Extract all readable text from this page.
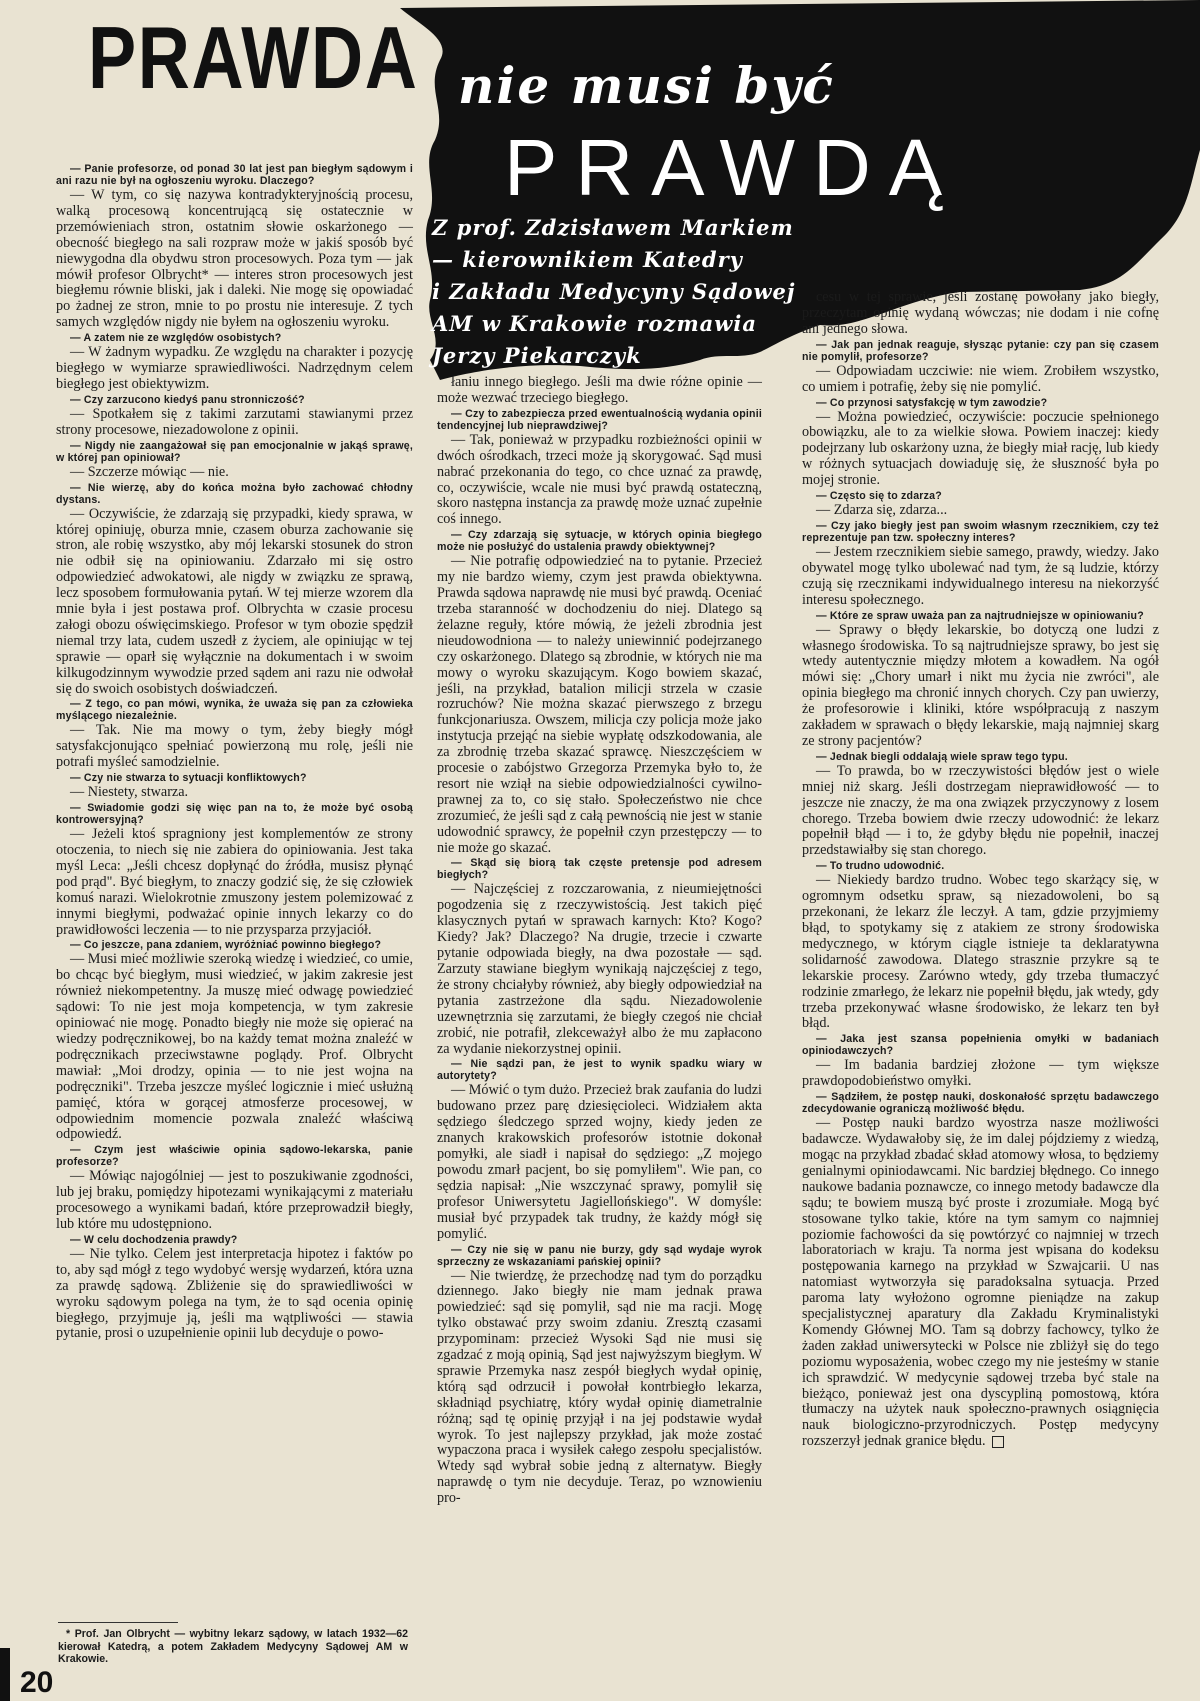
PRAWDA nie musi być
PRAWDĄ
Z prof. Zdzisławem Markiem
— kierownikiem Katedry
i Zakładu Medycyny Sądowej
AM w Krakowie rozmawia
Jerzy Piekarczyk

— Panie profesorze, od ponad 30 lat jest pan biegłym sądowym i ani razu nie był na ogłoszeniu wyroku. Dlaczego?

— W tym, co się nazywa kontradykteryjnością procesu, walką procesową koncentrującą się ostatecznie w przemówieniach stron, ostatnim słowie oskarżonego — obecność biegłego na sali rozpraw może w jakiś sposób być niewygodna dla obydwu stron procesowych. Poza tym — jak mówił profesor Olbrycht* — interes stron procesowych jest biegłemu równie bliski, jak i daleki. Nie mogę się opowiadać po żadnej ze stron, mnie to po prostu nie interesuje. Z tych samych względów nigdy nie byłem na ogłoszeniu wyroku.

— A zatem nie ze względów osobistych?

— W żadnym wypadku. Ze względu na charakter i pozycję biegłego w wymiarze sprawiedliwości. Nadrzędnym celem biegłego jest obiektywizm.

— Czy zarzucono kiedyś panu stronniczość?

— Spotkałem się z takimi zarzutami stawianymi przez strony procesowe, niezadowolone z opinii.

— Nigdy nie zaangażował się pan emocjonalnie w jakąś sprawę, w której pan opiniował?

— Szczerze mówiąc — nie.

— Nie wierzę, aby do końca można było zachować chłodny dystans.

— Oczywiście, że zdarzają się przypadki, kiedy sprawa, w której opiniuję, oburza mnie, czasem oburza zachowanie się stron, ale robię wszystko, aby mój lekarski stosunek do stron nie odbił się na opiniowaniu. Zdarzało mi się ostro odpowiedzieć adwokatowi, ale nigdy w związku ze sprawą, lecz sposobem formułowania pytań. W tej mierze wzorem dla mnie była i jest postawa prof. Olbrychta w czasie procesu załogi obozu oświęcimskiego. Profesor w tym obozie spędził niemal trzy lata, cudem uszedł z życiem, ale opiniując w tej sprawie — oparł się wyłącznie na dokumentach i w swoim kilkugodzinnym wywodzie przed sądem ani razu nie odwołał się do swoich osobistych doświadczeń.

— Z tego, co pan mówi, wynika, że uważa się pan za człowieka myślącego niezależnie.

— Tak. Nie ma mowy o tym, żeby biegły mógł satysfakcjonująco spełniać powierzoną mu rolę, jeśli nie potrafi myśleć samodzielnie.

— Czy nie stwarza to sytuacji konfliktowych?

— Niestety, stwarza.

— Swiadomie godzi się więc pan na to, że może być osobą kontrowersyjną?

— Jeżeli ktoś spragniony jest komplementów ze strony otoczenia, to niech się nie zabiera do opiniowania. Jest taka myśl Leca: „Jeśli chcesz dopłynąć do źródła, musisz płynąć pod prąd". Być biegłym, to znaczy godzić się, że się człowiek komuś narazi. Wielokrotnie zmuszony jestem polemizować z innymi biegłymi, podważać opinie innych lekarzy co do prawidłowości leczenia — to nie przysparza przyjaciół.

— Co jeszcze, pana zdaniem, wyróżniać powinno biegłego?

— Musi mieć możliwie szeroką wiedzę i wiedzieć, co umie, bo chcąc być biegłym, musi wiedzieć, w jakim zakresie jest również niekompetentny. Ja muszę mieć odwagę powiedzieć sądowi: To nie jest moja kompetencja, w tym zakresie opiniować nie mogę. Ponadto biegły nie może się opierać na wiedzy podręcznikowej, bo na każdy temat można znaleźć w podręcznikach przeciwstawne poglądy. Prof. Olbrycht mawiał: „Moi drodzy, opinia — to nie jest wojna na podręczniki". Trzeba jeszcze myśleć logicznie i mieć usłużną pamięć, która w gorącej atmosferze procesowej, w odpowiednim momencie pozwala znaleźć właściwą odpowiedź.

— Czym jest właściwie opinia sądowo-lekarska, panie profesorze?

— Mówiąc najogólniej — jest to poszukiwanie zgodności, lub jej braku, pomiędzy hipotezami wynikającymi z materiału procesowego a wynikami badań, które przeprowadził biegły, lub które mu udostępniono.

— W celu dochodzenia prawdy?

— Nie tylko. Celem jest interpretacja hipotez i faktów po to, aby sąd mógł z tego wydobyć wersję wydarzeń, która uzna za prawdę sądową. Zbliżenie się do sprawiedliwości w wyroku sądowym polega na tym, że to sąd ocenia opinię biegłego, przyjmuje ją, jeśli ma wątpliwości — stawia pytanie, prosi o uzupełnienie opinii lub decyduje o powo-

łaniu innego biegłego. Jeśli ma dwie różne opinie — może wezwać trzeciego biegłego.

— Czy to zabezpiecza przed ewentualnością wydania opinii tendencyjnej lub nieprawdziwej?

— Tak, ponieważ w przypadku rozbieżności opinii w dwóch ośrodkach, trzeci może ją skorygować. Sąd musi nabrać przekonania do tego, co chce uznać za prawdę, co, oczywiście, wcale nie musi być prawdą ostateczną, skoro następna instancja za prawdę może uznać zupełnie coś innego.

— Czy zdarzają się sytuacje, w których opinia biegłego może nie posłużyć do ustalenia prawdy obiektywnej?

— Nie potrafię odpowiedzieć na to pytanie. Przecież my nie bardzo wiemy, czym jest prawda obiektywna. Prawda sądowa naprawdę nie musi być prawdą. Oceniać trzeba staranność w dochodzeniu do niej. Dlatego są żelazne reguły, które mówią, że jeżeli zbrodnia jest nieudowodniona — to należy uniewinnić podejrzanego czy oskarżonego. Dlatego są zbrodnie, w których nie ma mowy o wyroku skazującym. Kogo bowiem skazać, jeśli, na przykład, batalion milicji strzela w czasie rozruchów? Nie można skazać pierwszego z brzegu funkcjonariusza. Owszem, milicja czy policja może jako instytucja przejąć na siebie wypłatę odszkodowania, ale za zbrodnię trzeba skazać sprawcę. Nieszczęściem w procesie o zabójstwo Grzegorza Przemyka było to, że resort nie wziął na siebie odpowiedzialności cywilno-prawnej za to, co się stało. Społeczeństwo nie chce zrozumieć, że jeśli sąd z całą pewnością nie jest w stanie udowodnić sprawcy, że popełnił czyn przestępczy — to nie może go skazać.

— Skąd się biorą tak częste pretensje pod adresem biegłych?

— Najczęściej z rozczarowania, z nieumiejętności pogodzenia się z rzeczywistością. Jest takich pięć klasycznych pytań w sprawach karnych: Kto? Kogo? Kiedy? Jak? Dlaczego? Na drugie, trzecie i czwarte pytanie odpowiada biegły, na dwa pozostałe — sąd. Zarzuty stawiane biegłym wynikają najczęściej z tego, że strony chciałyby również, aby biegły odpowiedział na pytania zastrzeżone dla sądu. Niezadowolenie uzewnętrznia się zarzutami, że biegły czegoś nie chciał zrobić, nie potrafił, zlekceważył albo że mu zapłacono za wydanie niekorzystnej opinii.

— Nie sądzi pan, że jest to wynik spadku wiary w autorytety?

— Mówić o tym dużo. Przecież brak zaufania do ludzi budowano przez parę dziesięcioleci. Widziałem akta sędziego śledczego sprzed wojny, kiedy jeden ze znanych krakowskich profesorów istotnie dokonał pomyłki, ale siadł i napisał do sędziego: „Z mojego powodu zmarł pacjent, bo się pomyliłem". Wie pan, co sędzia napisał: „Nie wszczynać sprawy, pomylił się profesor Uniwersytetu Jagiellońskiego". W domyśle: musiał być przypadek tak trudny, że każdy mógł się pomylić.

— Czy nie się w panu nie burzy, gdy sąd wydaje wyrok sprzeczny ze wskazaniami pańskiej opinii?

— Nie twierdzę, że przechodzę nad tym do porządku dziennego. Jako biegły nie mam jednak prawa powiedzieć: sąd się pomylił, sąd nie ma racji. Mogę tylko obstawać przy swoim zdaniu. Zresztą czasami przypominam: przecież Wysoki Sąd nie musi się zgadzać z moją opinią, Sąd jest najwyższym biegłym. W sprawie Przemyka nasz zespół biegłych wydał opinię, którą sąd odrzucił i powołał kontrbiegło lekarza, składniąd psychiatrę, który wydał opinię diametralnie różną; sąd tę opinię przyjął i na jej podstawie wydał wyrok. To jest najlepszy przykład, jak może zostać wypaczona praca i wysiłek całego zespołu specjalistów. Wtedy sąd wybrał sobie jedną z alternatyw. Biegły naprawdę o tym nie decyduje. Teraz, po wznowieniu pro-

cesu w tej sprawie, jeśli zostanę powołany jako biegły, przeczytam opinię wydaną wówczas; nie dodam i nie cofnę ani jednego słowa.

— Jak pan jednak reaguje, słysząc pytanie: czy pan się czasem nie pomylił, profesorze?

— Odpowiadam uczciwie: nie wiem. Zrobiłem wszystko, co umiem i potrafię, żeby się nie pomylić.

— Co przynosi satysfakcję w tym zawodzie?

— Można powiedzieć, oczywiście: poczucie spełnionego obowiązku, ale to za wielkie słowa. Powiem inaczej: kiedy podejrzany lub oskarżony uzna, że biegły miał rację, lub kiedy w różnych sytuacjach dowiaduję się, że słuszność była po mojej stronie.

— Często się to zdarza?

— Zdarza się, zdarza...

— Czy jako biegły jest pan swoim własnym rzecznikiem, czy też reprezentuje pan tzw. społeczny interes?

— Jestem rzecznikiem siebie samego, prawdy, wiedzy. Jako obywatel mogę tylko ubolewać nad tym, że są ludzie, którzy czują się rzecznikami indywidualnego interesu na niekorzyść interesu społecznego.

— Które ze spraw uważa pan za najtrudniejsze w opiniowaniu?

— Sprawy o błędy lekarskie, bo dotyczą one ludzi z własnego środowiska. To są najtrudniejsze sprawy, bo jest się wtedy autentycznie między młotem a kowadłem. Na ogół mówi się: „Chory umarł i nikt mu życia nie zwróci", ale opinia biegłego ma chronić innych chorych. Czy pan uwierzy, że profesorowie i kliniki, które współpracują z naszym zakładem w sprawach o błędy lekarskie, mają najmniej skarg ze strony pacjentów?

— Jednak biegli oddalają wiele spraw tego typu.

— To prawda, bo w rzeczywistości błędów jest o wiele mniej niż skarg. Jeśli dostrzegam nieprawidłowość — to jeszcze nie znaczy, że ma ona związek przyczynowy z losem chorego. Trzeba bowiem dwie rzeczy udowodnić: że lekarz popełnił błąd — i to, że gdyby błędu nie popełnił, inaczej przedstawiałby się stan chorego.

— To trudno udowodnić.

— Niekiedy bardzo trudno. Wobec tego skarżący się, w ogromnym odsetku spraw, są niezadowoleni, bo są przekonani, że lekarz źle leczył. A tam, gdzie przyjmiemy błąd, to spotykamy się z atakiem ze strony środowiska medycznego, w którym ciągle istnieje ta deklaratywna solidarność zawodowa. Dlatego strasznie przykre są te lekarskie procesy. Zarówno wtedy, gdy trzeba tłumaczyć rodzinie zmarłego, że lekarz nie popełnił błędu, jak wtedy, gdy trzeba przekonywać własne środowisko, że lekarz ten był błąd.

— Jaka jest szansa popełnienia omyłki w badaniach opiniodawczych?

— Im badania bardziej złożone — tym większe prawdopodobieństwo omyłki.

— Sądziłem, że postęp nauki, doskonałość sprzętu badawczego zdecydowanie ograniczą możliwość błędu.

— Postęp nauki bardzo wyostrza nasze możliwości badawcze. Wydawałoby się, że im dalej pójdziemy z wiedzą, mogąc na przykład zbadać skład atomowy włosa, to będziemy genialnymi opiniodawcami. Nic bardziej błędnego. Co innego naukowe badania poznawcze, co innego metody badawcze dla sądu; te bowiem muszą być proste i zrozumiałe. Mogą być stosowane tylko takie, które na tym samym co najmniej poziomie fachowości da się powtórzyć co najmniej w trzech laboratoriach w kraju. Ta norma jest wpisana do kodeksu postępowania karnego na przykład w Szwajcarii. U nas natomiast wytworzyła się paradoksalna sytuacja. Przed paroma laty wyłożono ogromne pieniądze na zakup specjalistycznej aparatury dla Zakładu Kryminalistyki Komendy Głównej MO. Tam są dobrzy fachowcy, tylko że żaden zakład uniwersytecki w Polsce nie zbliżył się do tego poziomu wyposażenia, wobec czego my nie jesteśmy w stanie ich sprawdzić. W medycynie sądowej trzeba być stale na bieżąco, ponieważ jest ona dyscypliną pomostową, która tłumaczy na użytek nauk społeczno-prawnych osiągnięcia nauk biologiczno-przyrodniczych. Postęp medycyny rozszerzył jednak granice błędu.

* Prof. Jan Olbrycht — wybitny lekarz sądowy, w latach 1932—62 kierował Katedrą, a potem Zakładem Medycyny Sądowej AM w Krakowie.
20
